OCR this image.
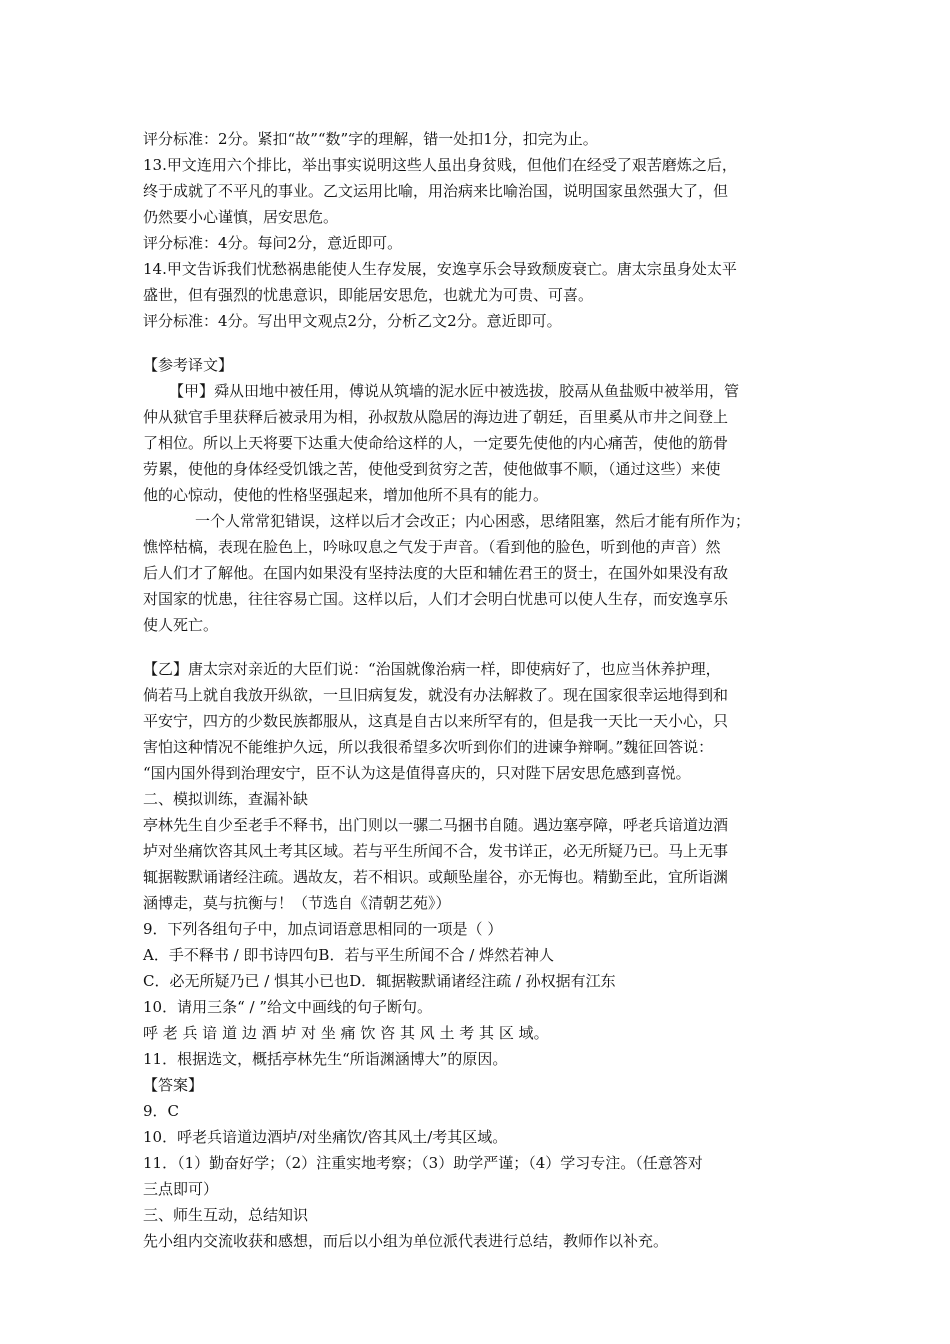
评分标准：2分。紧扣“故”“数”字的理解，错一处扣1分，扣完为止。
13.甲文连用六个排比，举出事实说明这些人虽出身贫贱，但他们在经受了艰苦磨炼之后，
终于成就了不平凡的事业。乙文运用比喻，用治病来比喻治国，说明国家虽然强大了，但
仍然要小心谨慎，居安思危。
评分标准：4分。每问2分，意近即可。
14.甲文告诉我们忧愁祸患能使人生存发展，安逸享乐会导致颓废衰亡。唐太宗虽身处太平
盛世，但有强烈的忧患意识，即能居安思危，也就尤为可贵、可喜。
评分标准：4分。写出甲文观点2分，分析乙文2分。意近即可。
【参考译文】
【甲】舜从田地中被任用，傅说从筑墙的泥水匠中被选拔，胶鬲从鱼盐贩中被举用，管
仲从狱官手里获释后被录用为相，孙叔敖从隐居的海边进了朝廷，百里奚从市井之间登上
了相位。所以上天将要下达重大使命给这样的人，一定要先使他的内心痛苦，使他的筋骨
劳累，使他的身体经受饥饿之苦，使他受到贫穷之苦，使他做事不顺，（通过这些）来使
他的心惊动，使他的性格坚强起来，增加他所不具有的能力。
一个人常常犯错误，这样以后才会改正；内心困惑，思绪阻塞，然后才能有所作为；
憔悴枯槁，表现在脸色上，吟咏叹息之气发于声音。（看到他的脸色，听到他的声音）然
后人们才了解他。在国内如果没有坚持法度的大臣和辅佐君王的贤士，在国外如果没有敌
对国家的忧患，往往容易亡国。这样以后，人们才会明白忧患可以使人生存，而安逸享乐
使人死亡。
【乙】唐太宗对亲近的大臣们说：“治国就像治病一样，即使病好了，也应当休养护理，
倘若马上就自我放开纵欲，一旦旧病复发，就没有办法解救了。现在国家很幸运地得到和
平安宁，四方的少数民族都服从，这真是自古以来所罕有的，但是我一天比一天小心，只
害怕这种情况不能维护久远，所以我很希望多次听到你们的进谏争辩啊。”魏征回答说：
“国内国外得到治理安宁，臣不认为这是值得喜庆的，只对陛下居安思危感到喜悦。
二、模拟训练，查漏补缺
亭林先生自少至老手不释书，出门则以一骡二马捆书自随。遇边塞亭障，呼老兵谙道边酒
垆对坐痛饮咨其风土考其区域。若与平生所闻不合，发书详正，必无所疑乃已。马上无事
辄据鞍默诵诸经注疏。遇故友，若不相识。或颠坠崖谷，亦无悔也。精勤至此，宜所诣渊
涵博走，莫与抗衡与！（节选自《清朝艺苑》）
9．下列各组句子中，加点词语意思相同的一项是（ ）
A．手不释书 / 即书诗四句B．若与平生所闻不合 / 烨然若神人
C．必无所疑乃已 / 惧其小已也D．辄据鞍默诵诸经注疏 / 孙权据有江东
10．请用三条“ / ”给文中画线的句子断句。
呼 老 兵 谙 道 边 酒 垆 对 坐 痛 饮 咨 其 风 土 考 其 区 域。
11．根据选文，概括亭林先生“所诣渊涵博大”的原因。
【答案】
9．C
10．呼老兵谙道边酒垆/对坐痛饮/咨其风土/考其区域。
11．（1）勤奋好学；（2）注重实地考察；（3）助学严谨；（4）学习专注。（任意答对
三点即可）
三、师生互动，总结知识
先小组内交流收获和感想，而后以小组为单位派代表进行总结，教师作以补充。
